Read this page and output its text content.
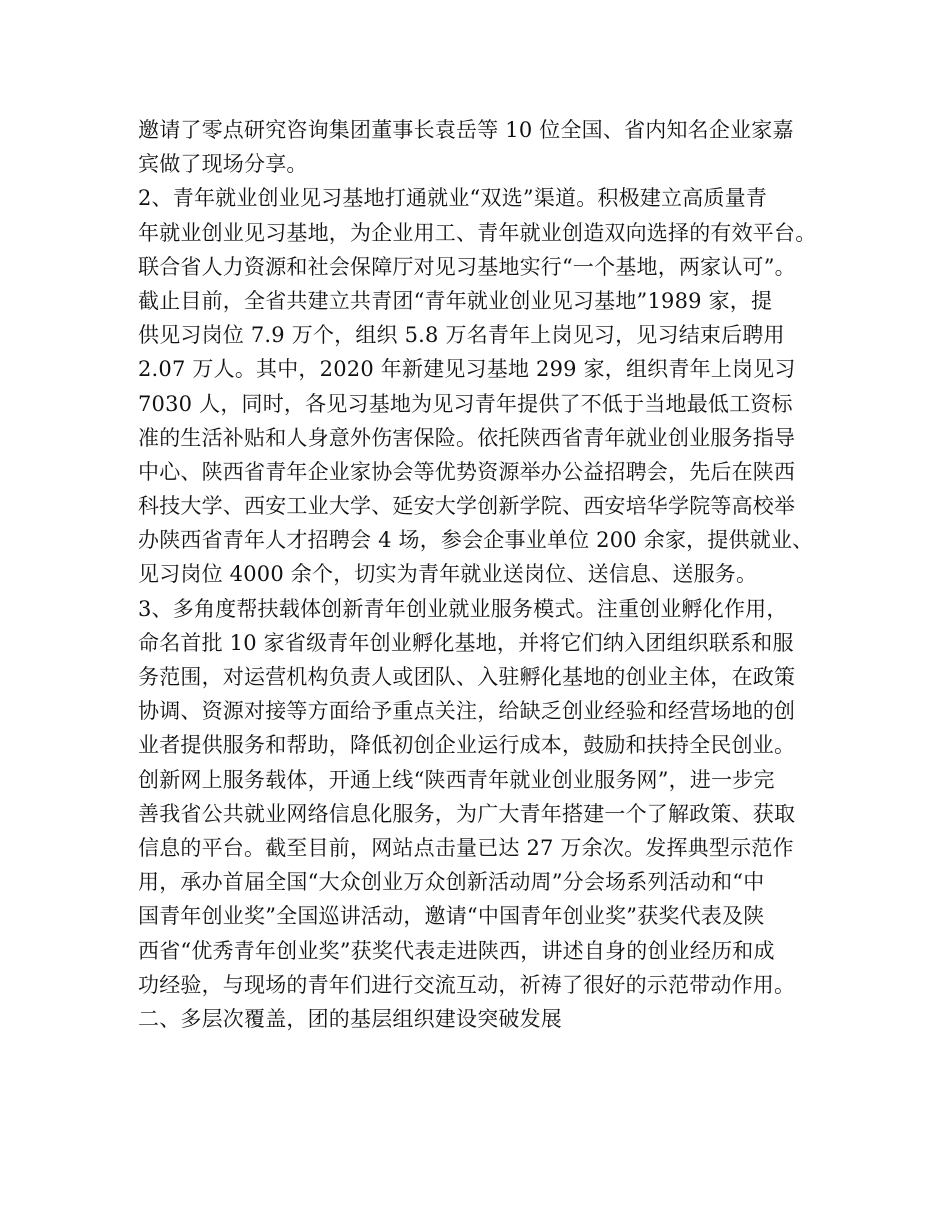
邀请了零点研究咨询集团董事长袁岳等 10 位全国、省内知名企业家嘉
宾做了现场分享。
2、青年就业创业见习基地打通就业“双选”渠道。积极建立高质量青
年就业创业见习基地，为企业用工、青年就业创造双向选择的有效平台。
联合省人力资源和社会保障厅对见习基地实行“一个基地，两家认可”。
截止目前，全省共建立共青团“青年就业创业见习基地”1989 家，提
供见习岗位 7.9 万个，组织 5.8 万名青年上岗见习，见习结束后聘用
2.07 万人。其中，2020 年新建见习基地 299 家，组织青年上岗见习
7030 人，同时，各见习基地为见习青年提供了不低于当地最低工资标
准的生活补贴和人身意外伤害保险。依托陕西省青年就业创业服务指导
中心、陕西省青年企业家协会等优势资源举办公益招聘会，先后在陕西
科技大学、西安工业大学、延安大学创新学院、西安培华学院等高校举
办陕西省青年人才招聘会 4 场，参会企事业单位 200 余家，提供就业、
见习岗位 4000 余个，切实为青年就业送岗位、送信息、送服务。
3、多角度帮扶载体创新青年创业就业服务模式。注重创业孵化作用，
命名首批 10 家省级青年创业孵化基地，并将它们纳入团组织联系和服
务范围，对运营机构负责人或团队、入驻孵化基地的创业主体，在政策
协调、资源对接等方面给予重点关注，给缺乏创业经验和经营场地的创
业者提供服务和帮助，降低初创企业运行成本，鼓励和扶持全民创业。
创新网上服务载体，开通上线“陕西青年就业创业服务网”，进一步完
善我省公共就业网络信息化服务，为广大青年搭建一个了解政策、获取
信息的平台。截至目前，网站点击量已达 27 万余次。发挥典型示范作
用，承办首届全国“大众创业万众创新活动周”分会场系列活动和“中
国青年创业奖”全国巡讲活动，邀请“中国青年创业奖”获奖代表及陕
西省“优秀青年创业奖”获奖代表走进陕西，讲述自身的创业经历和成
功经验，与现场的青年们进行交流互动，祈祷了很好的示范带动作用。
二、多层次覆盖，团的基层组织建设突破发展
